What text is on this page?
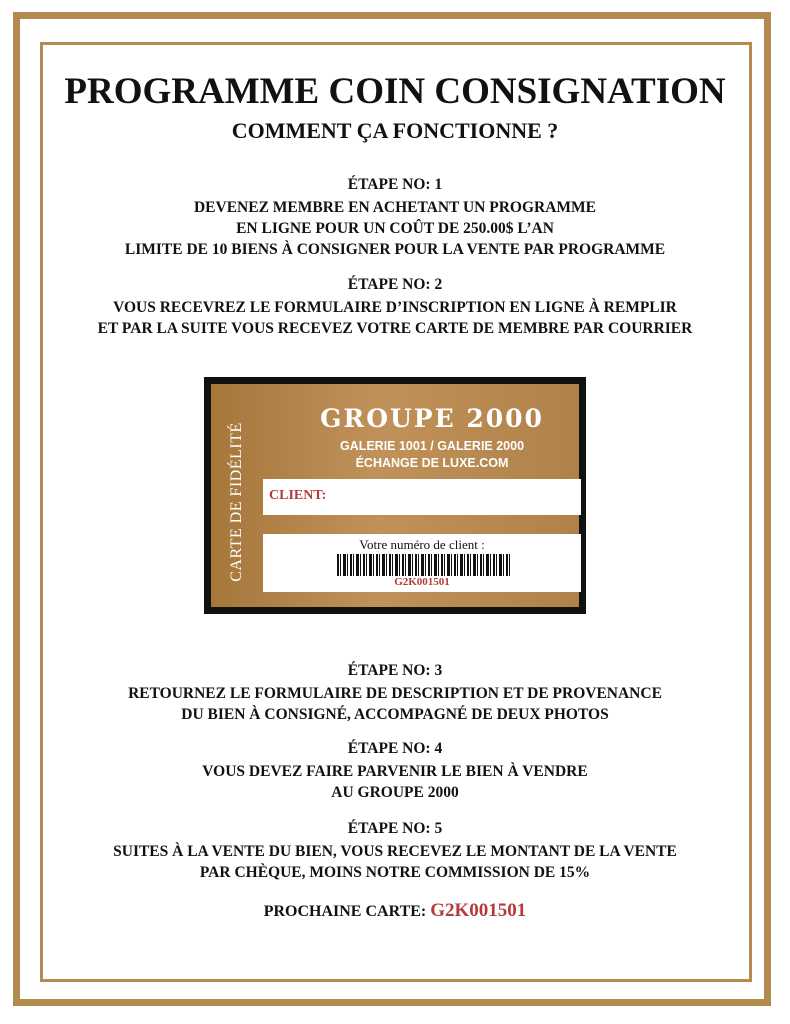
PROGRAMME COIN CONSIGNATION
COMMENT ÇA FONCTIONNE ?
ÉTAPE NO: 1
DEVENEZ MEMBRE EN ACHETANT UN PROGRAMME
EN LIGNE POUR UN COÛT DE 250.00$ L’AN
LIMITE DE 10 BIENS À CONSIGNER POUR LA VENTE PAR PROGRAMME
ÉTAPE NO: 2
VOUS RECEVREZ LE FORMULAIRE D’INSCRIPTION EN LIGNE À REMPLIR
ET PAR LA SUITE VOUS RECEVEZ VOTRE CARTE DE MEMBRE PAR COURRIER
CARTE DE FIDÉLITÉ
GROUPE 2000
GALERIE 1001 / GALERIE 2000
ÉCHANGE DE LUXE.COM
CLIENT:
Votre numéro de client :
G2K001501
ÉTAPE NO: 3
RETOURNEZ LE FORMULAIRE DE DESCRIPTION ET DE PROVENANCE
DU BIEN À CONSIGNÉ, ACCOMPAGNÉ DE DEUX PHOTOS
ÉTAPE NO: 4
VOUS DEVEZ FAIRE PARVENIR LE BIEN À VENDRE
AU GROUPE 2000
ÉTAPE NO: 5
SUITES À LA VENTE DU BIEN, VOUS RECEVEZ LE MONTANT DE LA VENTE
PAR CHÈQUE, MOINS NOTRE COMMISSION DE 15%
PROCHAINE CARTE: G2K001501
